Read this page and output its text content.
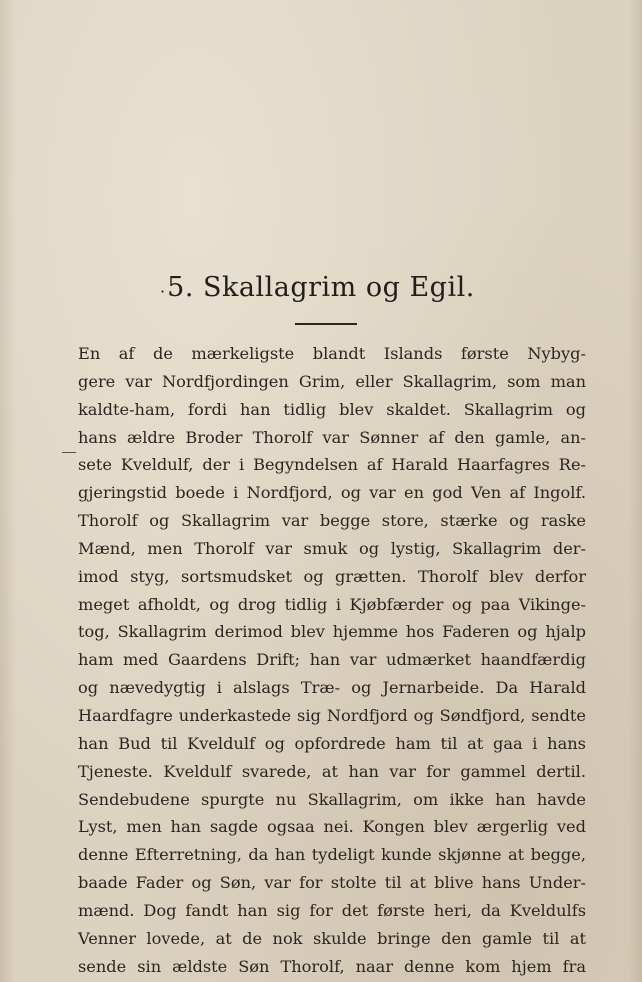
· 5. Skallagrim og Egil.
En af de mærkeligste blandt Islands første Nybyg-
gere var Nordfjordingen Grim, eller Skallagrim, som man
kaldte-ham, fordi han tidlig blev skaldet. Skallagrim og
hans ældre Broder Thorolf var Sønner af den gamle, an-
sete Kveldulf, der i Begyndelsen af Harald Haarfagres Re-
gjeringstid boede i Nordfjord, og var en god Ven af Ingolf.
Thorolf og Skallagrim var begge store, stærke og raske
Mænd, men Thorolf var smuk og lystig, Skallagrim der-
imod styg, sortsmudsket og grætten. Thorolf blev derfor
meget afholdt, og drog tidlig i Kjøbfærder og paa Vikinge-
tog, Skallagrim derimod blev hjemme hos Faderen og hjalp
ham med Gaardens Drift; han var udmærket haandfærdig
og nævedygtig i alslags Træ- og Jernarbeide. Da Harald
Haardfagre underkastede sig Nordfjord og Søndfjord, sendte
han Bud til Kveldulf og opfordrede ham til at gaa i hans
Tjeneste. Kveldulf svarede, at han var for gammel dertil.
Sendebudene spurgte nu Skallagrim, om ikke han havde
Lyst, men han sagde ogsaa nei. Kongen blev ærgerlig ved
denne Efterretning, da han tydeligt kunde skjønne at begge,
baade Fader og Søn, var for stolte til at blive hans Under-
mænd. Dog fandt han sig for det første heri, da Kveldulfs
Venner lovede, at de nok skulde bringe den gamle til at
sende sin ældste Søn Thorolf, naar denne kom hjem fra
